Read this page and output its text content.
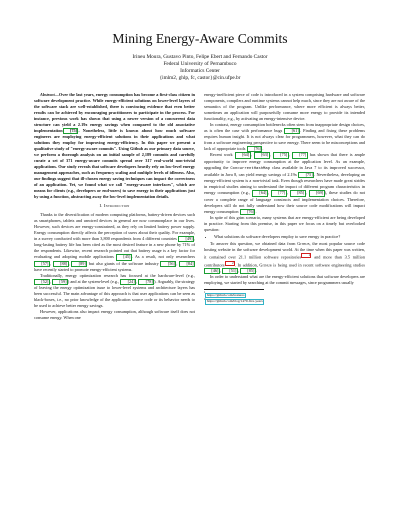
Mining Energy-Aware Commits
Irineu Moura, Gustavo Pinto, Felipe Ebert and Fernando Castor
Federal University of Pernambuco
Informatics Center
{imlm2, ghlp, fc, castor}@cin.ufpe.br

Abstract—Over the last years, energy consumption has become a first-class citizen in software development practice. While energy-efficient solutions on lower-level layers of the software stack are well-established, there is convincing evidence that even better results can be achieved by encouraging practitioners to participate in the process. For instance, previous work has shown that using a newer version of a concurrent data structure can yield a 2.19x energy savings when compared to the old associative implementation [75]. Nonetheless, little is known about how much software engineers are employing energy-efficient solutions in their applications and what solutions they employ for improving energy-efficiency. In this paper we present a qualitative study of "energy-aware commits". Using Github as our primary data source, we perform a thorough analysis on an initial sample of 2,189 commits and carefully curate a set of 371 energy-aware commits spread over 317 real-world non-trivial applications. Our study reveals that software developers heavily rely on low-level energy management approaches, such as frequency scaling and multiple levels of idleness. Also, our findings suggest that ill-chosen energy saving techniques can impact the correctness of an application. Yet, we found what we call "energy-aware interfaces", which are means for clients (e.g., developers or end-users) to save energy in their applications just by using a function, abstracting away the low-level implementation details.

I. Introduction

Thanks to the diversification of modern computing platforms, battery-driven devices such as smartphones, tablets and unwired devices in general are now commonplace in our lives. However, such devices are energy-constrained, as they rely on limited battery power supply. Energy consumption directly affects the perception of users about their quality. For example, in a survey conducted with more than 3,800 respondents from 4 different countries [49], long-lasting battery life has been cited as the most desired feature in a new phone by 71% of the respondents. Likewise, recent research pointed out that battery usage is a key factor for evaluating and adopting mobile applications [45]. As a result, not only researchers [57], [88], [89] but also giants of the software industry [56], [84] have recently started to promote energy-efficient systems.

Traditionally, energy optimization research has focused at the hardware-level (e.g., [52], [59]) and at the system-level (e.g., [24], [78]). Arguably, the strategy of leaving the energy optimization issue to lower-level systems and architecture layers has been successful. The main advantage of this approach is that user applications can be seen as black-boxes, i.e., no prior knowledge of the application source code or its behavior needs to be used to achieve better energy savings.

However, applications also impact energy consumption, although software itself does not consume energy. When one

energy-inefficient piece of code is introduced in a system comprising hardware and software components, compilers and runtime systems cannot help much, since they are not aware of the semantics of the program. Unlike performance, where more efficient is always better, sometimes an application will purposefully consume more energy to provide its intended functionality, e.g., by activating an energy-intensive device.

In contrast, energy consumption bottlenecks often stem from inappropriate design choices, as is often the case with performance bugs [61]. Finding and fixing these problems requires human insight. It is not always clear for programmers, however, what they can do from a software engineering perspective to save energy. There seem to be misconceptions and lack of appropriate tools [76].

Recent work [64], [63], [75], [77] has shown that there is ample opportunity to improve energy consumption at the application level. As an example, upgrading the ConcurrentHashMap class available in Java 7 to its improved successor, available in Java 8, can yield energy savings of 2.19x [75]. Nevertheless, developing an energy-efficient system is a non-trivial task. Even though researchers have made great strides in empirical studies aiming to understand the impact of different program characteristics in energy consumption (e.g., [64], [77], [85], [69]), these studies do not cover a complete range of language constructs and implementation choices. Therefore, developers still do not fully understand how their source code modifications will impact energy consumption [76].

In spite of this grim scenario, many systems that are energy-efficient are being developed in practice. Starting from this premise, in this paper we focus on a timely but overlooked question:

• What solutions do software developers employ to save energy in practice?

To answer this question, we obtained data from Github, the most popular source code hosting website in the software development world. At the time when this paper was written, it contained over 21.1 million software repositories 1 and more than 3.5 million contributors 2. In addition, Github is being used in recent software engineering studies [46], [51], [85].

In order to understand what are the energy-efficient solutions that software developers are employing, we started by searching at the commit messages, since programmers usually

$^1$https://github.com/features
$^2$https://github.com/blog/1470-five-years
